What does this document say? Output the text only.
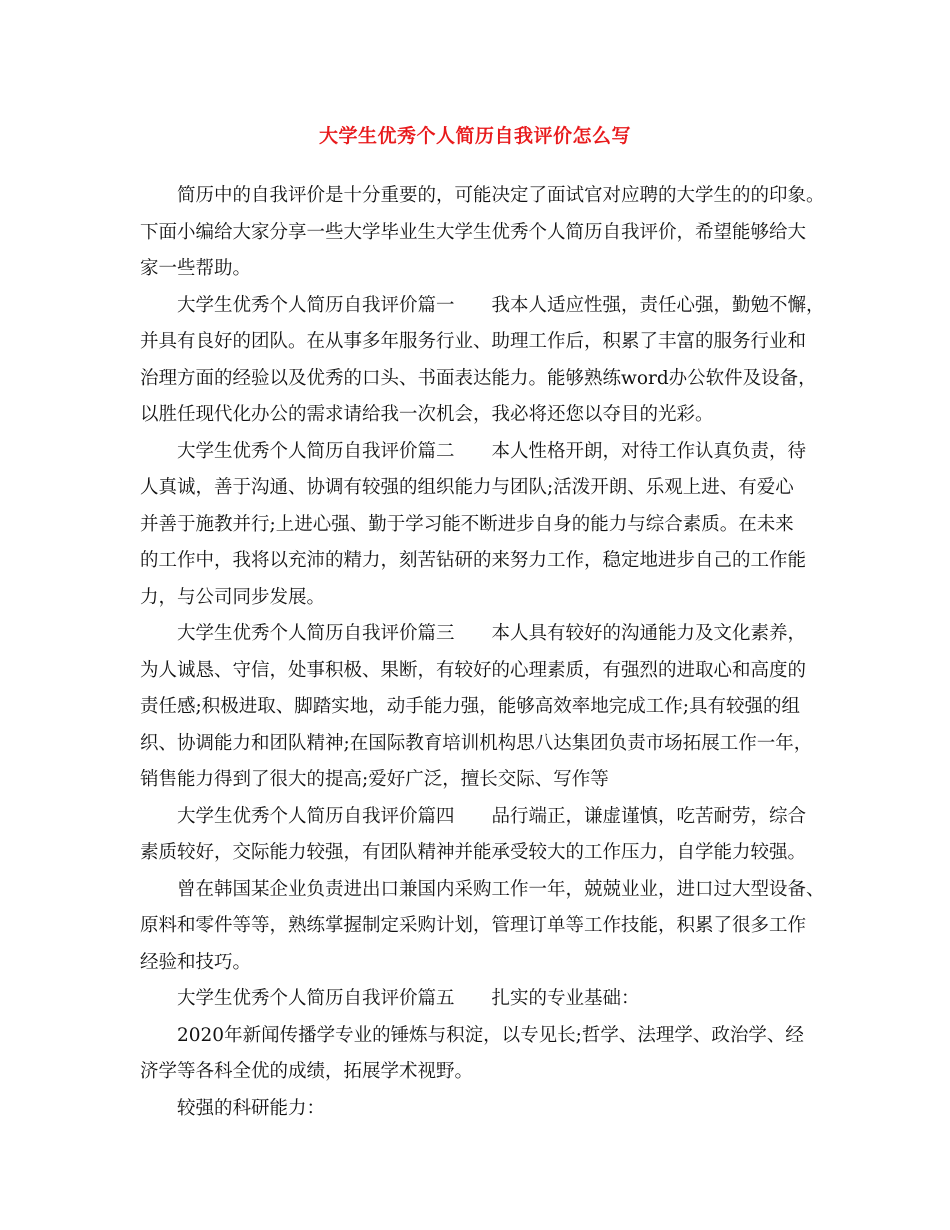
大学生优秀个人简历自我评价怎么写
简历中的自我评价是十分重要的，可能决定了面试官对应聘的大学生的的印象。
下面小编给大家分享一些大学毕业生大学生优秀个人简历自我评价，希望能够给大
家一些帮助。
大学生优秀个人简历自我评价篇一 我本人适应性强，责任心强，勤勉不懈，
并具有良好的团队。在从事多年服务行业、助理工作后，积累了丰富的服务行业和
治理方面的经验以及优秀的口头、书面表达能力。能够熟练word办公软件及设备，
以胜任现代化办公的需求请给我一次机会，我必将还您以夺目的光彩。
大学生优秀个人简历自我评价篇二 本人性格开朗，对待工作认真负责，待
人真诚，善于沟通、协调有较强的组织能力与团队;活泼开朗、乐观上进、有爱心
并善于施教并行;上进心强、勤于学习能不断进步自身的能力与综合素质。在未来
的工作中，我将以充沛的精力，刻苦钻研的来努力工作，稳定地进步自己的工作能
力，与公司同步发展。
大学生优秀个人简历自我评价篇三 本人具有较好的沟通能力及文化素养，
为人诚恳、守信，处事积极、果断，有较好的心理素质，有强烈的进取心和高度的
责任感;积极进取、脚踏实地，动手能力强，能够高效率地完成工作;具有较强的组
织、协调能力和团队精神;在国际教育培训机构思八达集团负责市场拓展工作一年，
销售能力得到了很大的提高;爱好广泛，擅长交际、写作等
大学生优秀个人简历自我评价篇四 品行端正，谦虚谨慎，吃苦耐劳，综合
素质较好，交际能力较强，有团队精神并能承受较大的工作压力，自学能力较强。
曾在韩国某企业负责进出口兼国内采购工作一年，兢兢业业，进口过大型设备、
原料和零件等等，熟练掌握制定采购计划，管理订单等工作技能，积累了很多工作
经验和技巧。
大学生优秀个人简历自我评价篇五 扎实的专业基础：
2020年新闻传播学专业的锤炼与积淀，以专见长;哲学、法理学、政治学、经
济学等各科全优的成绩，拓展学术视野。
较强的科研能力：
